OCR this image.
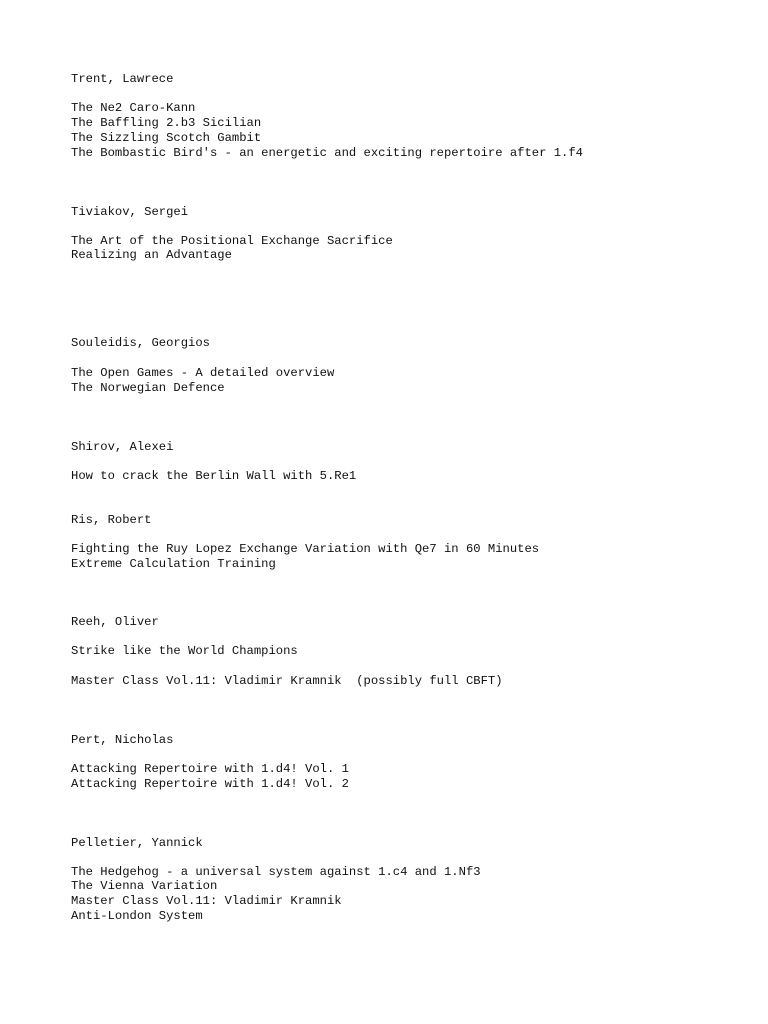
Trent, Lawrece
The Ne2 Caro-Kann
The Baffling 2.b3 Sicilian
The Sizzling Scotch Gambit
The Bombastic Bird's - an energetic and exciting repertoire after 1.f4
Tiviakov, Sergei
The Art of the Positional Exchange Sacrifice
Realizing an Advantage
Souleidis, Georgios
The Open Games - A detailed overview
The Norwegian Defence
Shirov, Alexei
How to crack the Berlin Wall with 5.Re1
Ris, Robert
Fighting the Ruy Lopez Exchange Variation with Qe7 in 60 Minutes
Extreme Calculation Training
Reeh, Oliver
Strike like the World Champions
Master Class Vol.11: Vladimir Kramnik  (possibly full CBFT)
Pert, Nicholas
Attacking Repertoire with 1.d4! Vol. 1
Attacking Repertoire with 1.d4! Vol. 2
Pelletier, Yannick
The Hedgehog - a universal system against 1.c4 and 1.Nf3
The Vienna Variation
Master Class Vol.11: Vladimir Kramnik
Anti-London System
